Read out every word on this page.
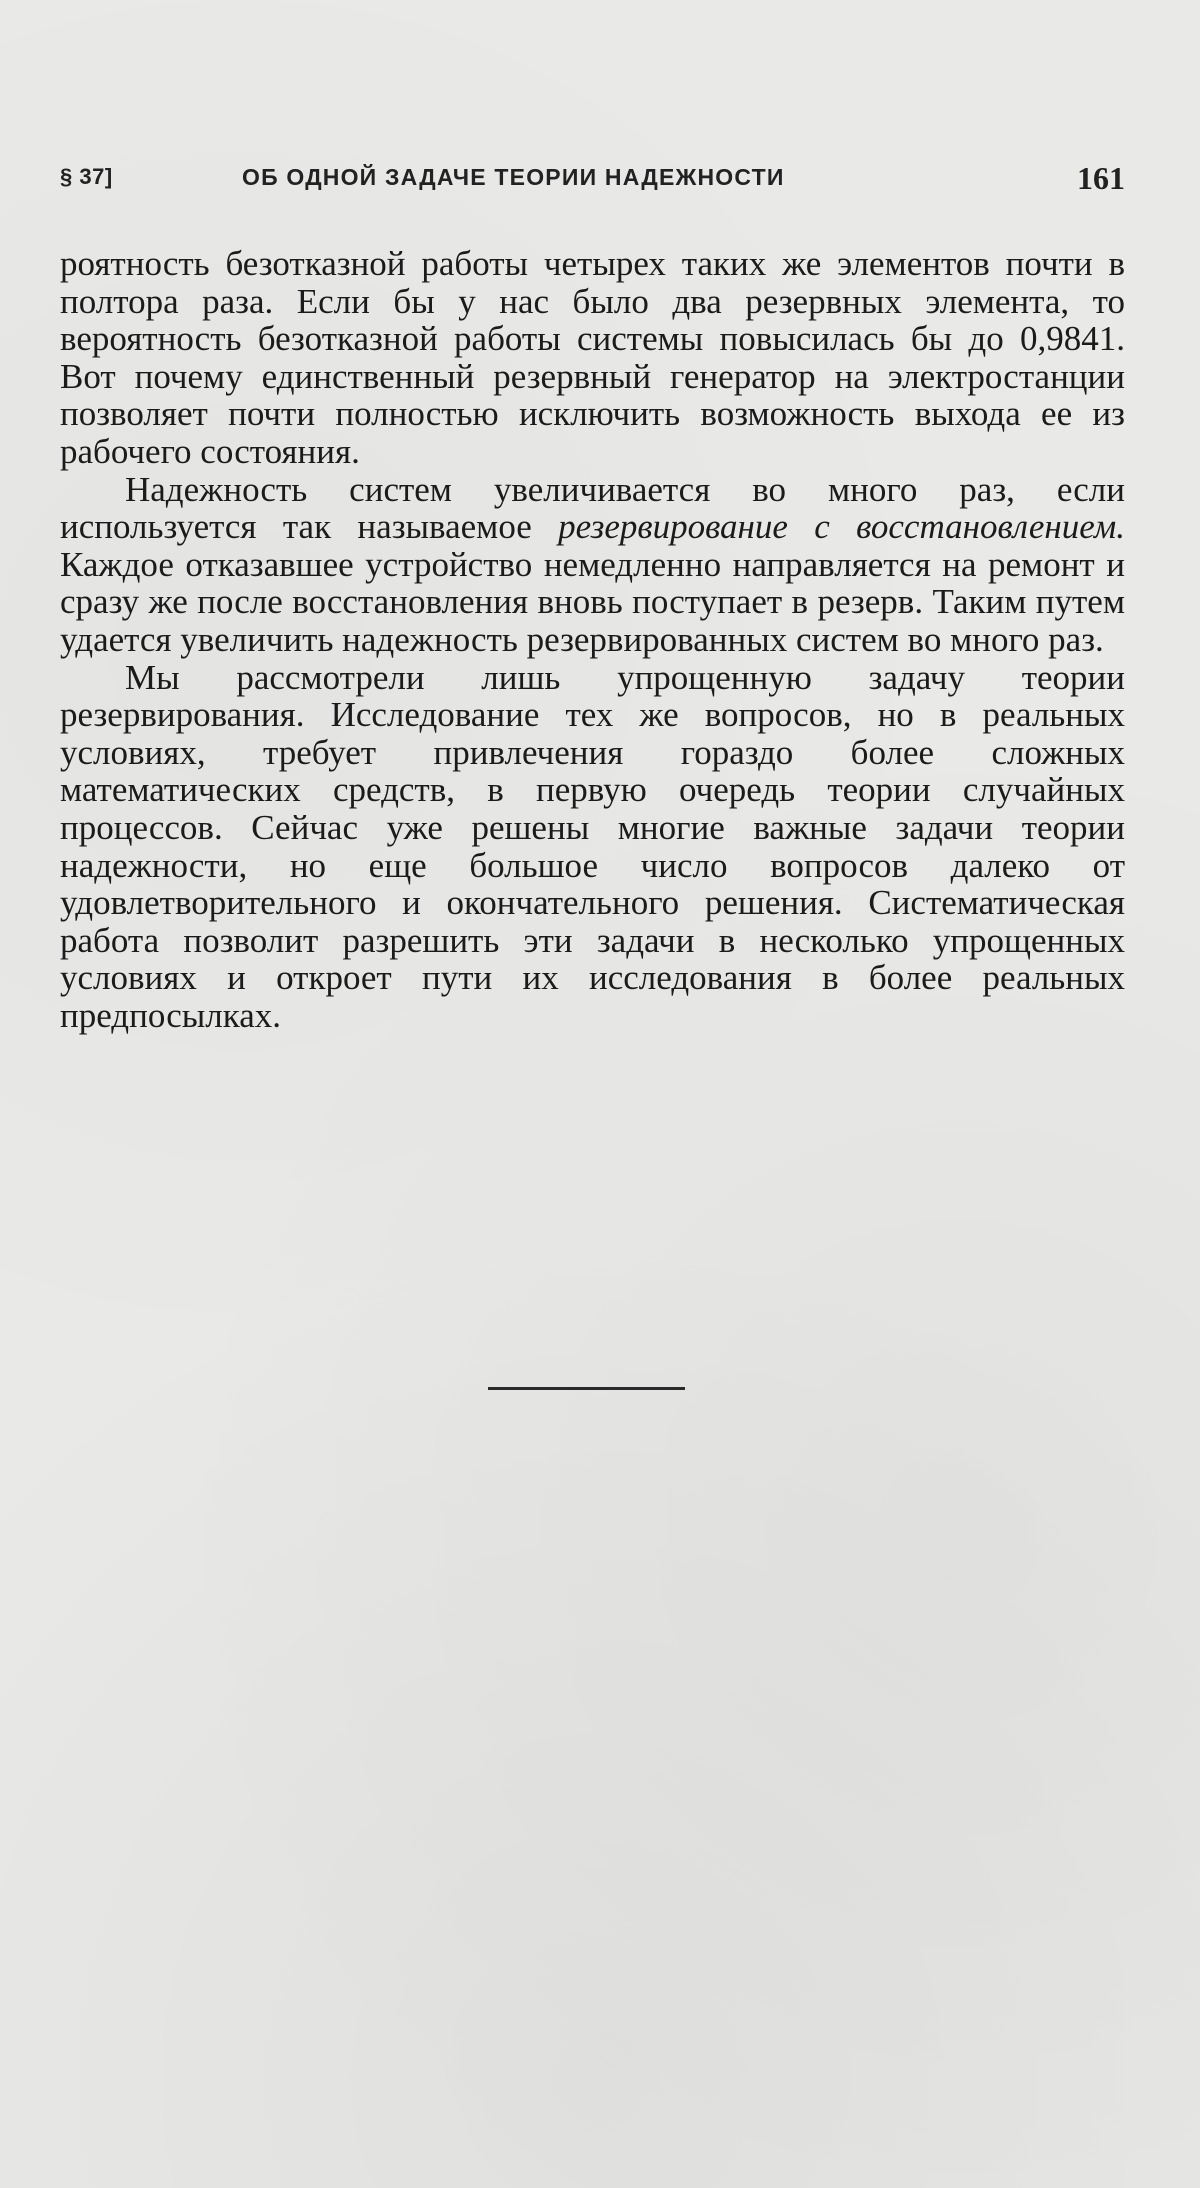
§ 37]	ОБ ОДНОЙ ЗАДАЧЕ ТЕОРИИ НАДЕЖНОСТИ	161

роятность безотказной работы четырех таких же элементов почти в полтора раза. Если бы у нас было два резервных элемента, то вероятность безотказной работы системы повысилась бы до 0,9841. Вот почему единственный резервный генератор на электростанции позволяет почти полностью исключить возможность выхода ее из рабочего состояния.

Надежность систем увеличивается во много раз, если используется так называемое резервирование с восстановлением. Каждое отказавшее устройство немедленно направляется на ремонт и сразу же после восстановления вновь поступает в резерв. Таким путем удается увеличить надежность резервированных систем во много раз.

Мы рассмотрели лишь упрощенную задачу теории резервирования. Исследование тех же вопросов, но в реальных условиях, требует привлечения гораздо более сложных математических средств, в первую очередь теории случайных процессов. Сейчас уже решены многие важные задачи теории надежности, но еще большое число вопросов далеко от удовлетворительного и окончательного решения. Систематическая работа позволит разрешить эти задачи в несколько упрощенных условиях и откроет пути их исследования в более реальных предпосылках.
